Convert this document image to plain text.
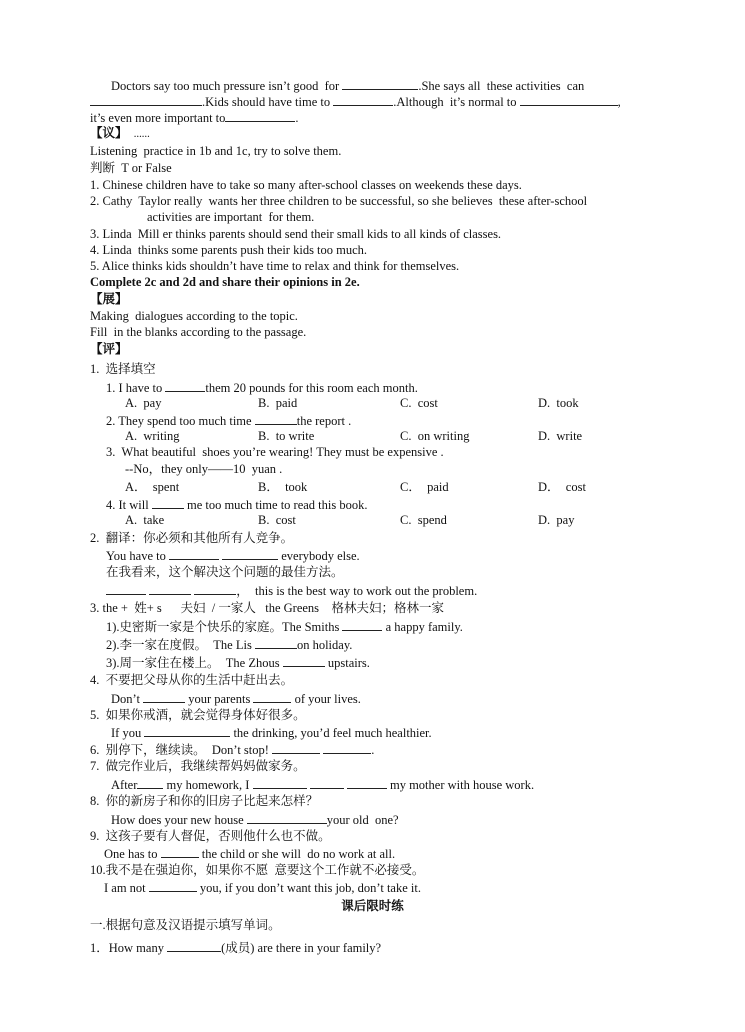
Doctors say too much pressure isn’t good  for	.She says all  these activities  can
.Kids should have time to	.Although  it’s normal to	,
it’s even more important to	.
【议】 ……
Listening  practice in 1b and 1c, try to solve them.
判断  T or False
1. Chinese children have to take so many after-school classes on weekends these days.
2. Cathy  Taylor really  wants her three children to be successful, so she believes  these after-school
activities are important  for them.
3. Linda  Mill er thinks parents should send their small kids to all kinds of classes.
4. Linda  thinks some parents push their kids too much.
5. Alice thinks kids shouldn’t have time to relax and think for themselves.
Complete 2c and 2d and share their opinions in 2e.
【展】
Making  dialogues according to the topic.
Fill  in the blanks according to the passage.
【评】
1.  选择填空
1. I have to	them 20 pounds for this room each month.
A.  pay	B.  paid	C.  cost	D.  took
2. They spend too much time	the report .
A.  writing	B.  to write	C.  on writing	D.  write
3.  What beautiful  shoes you’re wearing! They must be expensive .
--No，they only——10  yuan .
A．  spent	B．  took	C．  paid	D．  cost
4. It will	me too much time to read this book.
A.  take	B.  cost	C.  spend	D.  pay
2.  翻译：你必须和其他所有人竞争。
You have to	everybody else.
在我看来，这个解决这个问题的最佳方法。
，  this is the best way to work out the problem.
3. the +  姓+ s 夫妇  / 一家人 the Greens 格林夫妇；格林一家
1).史密斯一家是个快乐的家庭。The Smiths	a happy family.
2).李一家在度假。  The Lis	on holiday.
3).周一家住在楼上。  The Zhous	upstairs.
4.  不要把父母从你的生活中赶出去。
Don’t	your parents	of your lives.
5.  如果你戒酒，就会觉得身体好很多。
If you	the drinking, you’d feel much healthier.
6.  别停下，继续读。  Don’t stop!	.
7.  做完作业后，我继续帮妈妈做家务。
After my homework, I	my mother with house work.
8.  你的新房子和你的旧房子比起来怎样？
How does your new house	your old  one?
9.  这孩子要有人督促，否则他什么也不做。
One has to	the child or she will  do no work at all.
10.我不是在强迫你，如果你不愿  意要这个工作就不必接受。
I am not	you, if you don’t want this job, don’t take it.
课后限时练
一.根据句意及汉语提示填写单词。
1．How many	(成员) are there in your family?
